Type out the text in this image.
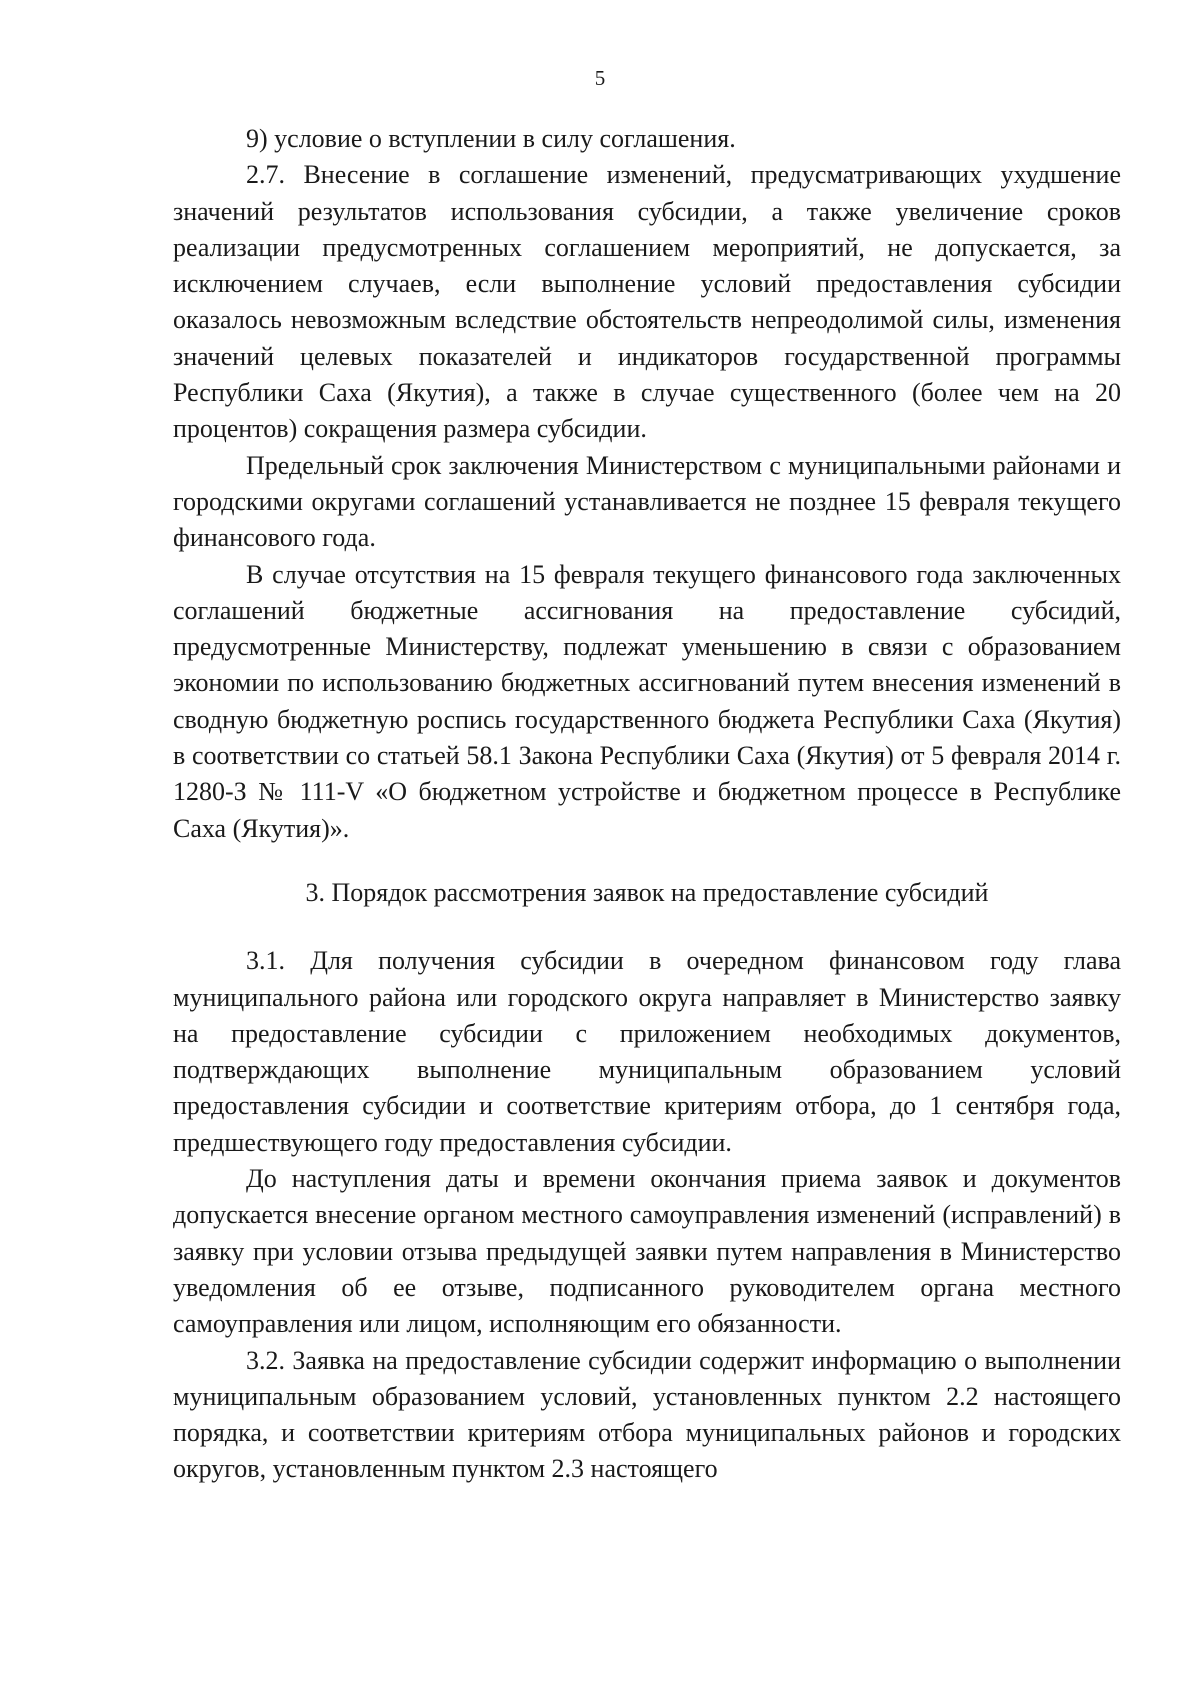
5

9) условие о вступлении в силу соглашения.

2.7. Внесение в соглашение изменений, предусматривающих ухудшение значений результатов использования субсидии, а также увеличение сроков реализации предусмотренных соглашением мероприятий, не допускается, за исключением случаев, если выполнение условий предоставления субсидии оказалось невозможным вследствие обстоятельств непреодолимой силы, изменения значений целевых показателей и индикаторов государственной программы Республики Саха (Якутия), а также в случае существенного (более чем на 20 процентов) сокращения размера субсидии.

Предельный срок заключения Министерством с муниципальными районами и городскими округами соглашений устанавливается не позднее 15 февраля текущего финансового года.

В случае отсутствия на 15 февраля текущего финансового года заключенных соглашений бюджетные ассигнования на предоставление субсидий, предусмотренные Министерству, подлежат уменьшению в связи с образованием экономии по использованию бюджетных ассигнований путем внесения изменений в сводную бюджетную роспись государственного бюджета Республики Саха (Якутия) в соответствии со статьей 58.1 Закона Республики Саха (Якутия) от 5 февраля 2014 г. 1280-З № 111-V «О бюджетном устройстве и бюджетном процессе в Республике Саха (Якутия)».

3. Порядок рассмотрения заявок на предоставление субсидий

3.1. Для получения субсидии в очередном финансовом году глава муниципального района или городского округа направляет в Министерство заявку на предоставление субсидии с приложением необходимых документов, подтверждающих выполнение муниципальным образованием условий предоставления субсидии и соответствие критериям отбора, до 1 сентября года, предшествующего году предоставления субсидии.

До наступления даты и времени окончания приема заявок и документов допускается внесение органом местного самоуправления изменений (исправлений) в заявку при условии отзыва предыдущей заявки путем направления в Министерство уведомления об ее отзыве, подписанного руководителем органа местного самоуправления или лицом, исполняющим его обязанности.

3.2. Заявка на предоставление субсидии содержит информацию о выполнении муниципальным образованием условий, установленных пунктом 2.2 настоящего порядка, и соответствии критериям отбора муниципальных районов и городских округов, установленным пунктом 2.3 настоящего
